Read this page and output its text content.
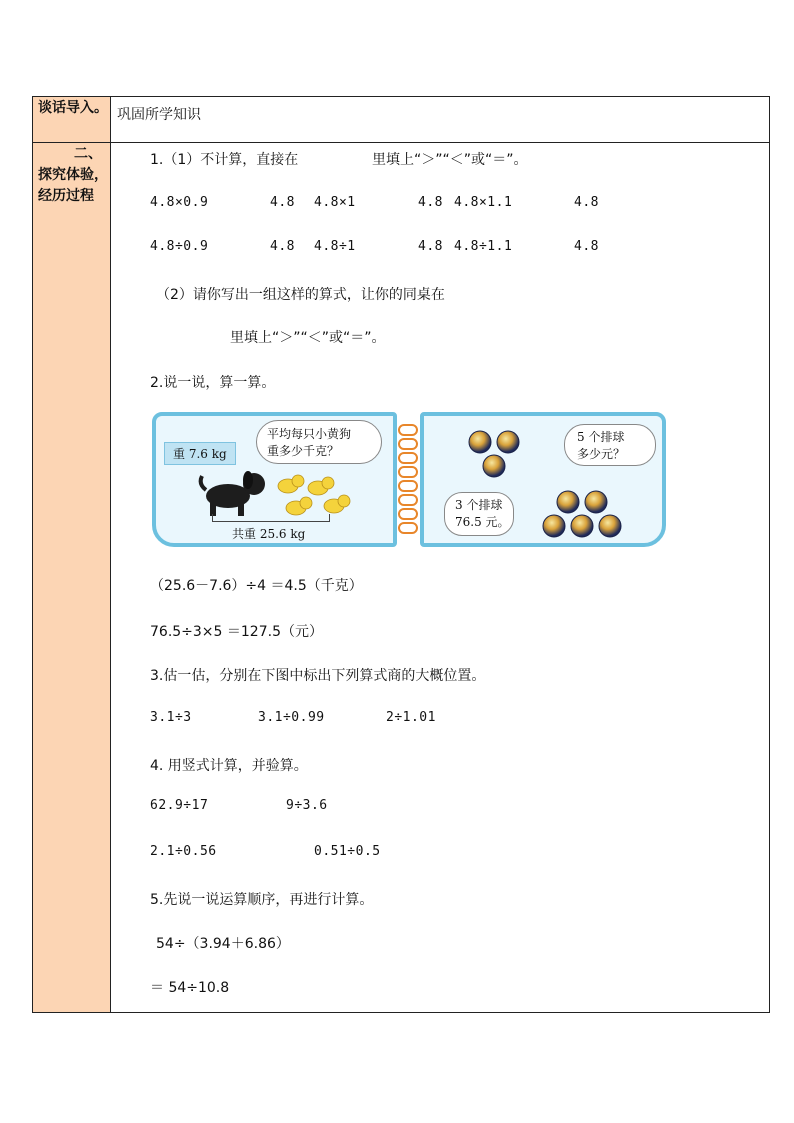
谈话导入。
二、
探究体验，
经历过程
巩固所学知识
1.（1）不计算，直接在	里填上“＞”“＜”或“＝”。
4.8×0.9	4.8 4.8×1	4.8 4.8×1.1	4.8
4.8÷0.9	4.8 4.8÷1	4.8 4.8÷1.1	4.8
（2）请你写出一组这样的算式，让你的同桌在
里填上“＞”“＜”或“＝”。
2.说一说，算一算。
重 7.6 kg
平均每只小黄狗
重多少千克？
共重 25.6 kg
5 个排球
多少元？
3 个排球
76.5 元。
（25.6－7.6）÷4 ＝4.5（千克）
76.5÷3×5 ＝127.5（元）
3.估一估，分别在下图中标出下列算式商的大概位置。
3.1÷3	3.1÷0.99	2÷1.01
4. 用竖式计算，并验算。
62.9÷17	9÷3.6
2.1÷0.56	0.51÷0.5
5.先说一说运算顺序，再进行计算。
54÷（3.94＋6.86）
＝ 54÷10.8
